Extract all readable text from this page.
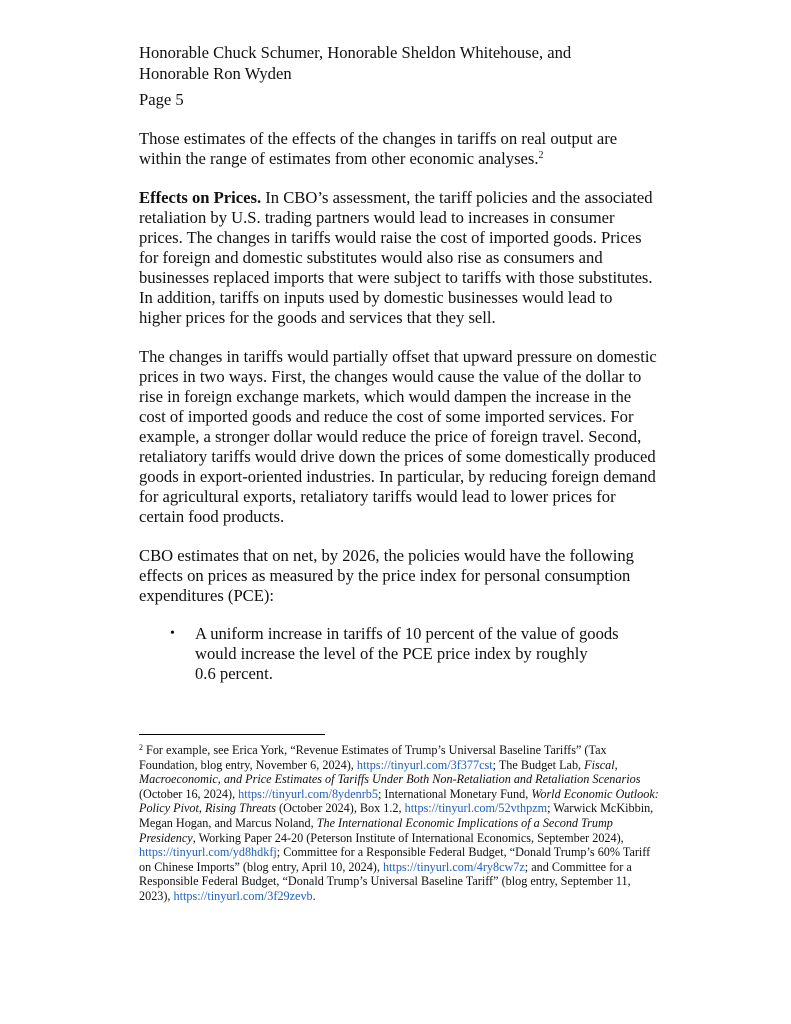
Honorable Chuck Schumer, Honorable Sheldon Whitehouse, and
Honorable Ron Wyden
Page 5

Those estimates of the effects of the changes in tariffs on real output are within the range of estimates from other economic analyses.$^2$

Effects on Prices. In CBO’s assessment, the tariff policies and the associated retaliation by U.S. trading partners would lead to increases in consumer prices. The changes in tariffs would raise the cost of imported goods. Prices for foreign and domestic substitutes would also rise as consumers and businesses replaced imports that were subject to tariffs with those substitutes. In addition, tariffs on inputs used by domestic businesses would lead to higher prices for the goods and services that they sell.

The changes in tariffs would partially offset that upward pressure on domestic prices in two ways. First, the changes would cause the value of the dollar to rise in foreign exchange markets, which would dampen the increase in the cost of imported goods and reduce the cost of some imported services. For example, a stronger dollar would reduce the price of foreign travel. Second, retaliatory tariffs would drive down the prices of some domestically produced goods in export-oriented industries. In particular, by reducing foreign demand for agricultural exports, retaliatory tariffs would lead to lower prices for certain food products.

CBO estimates that on net, by 2026, the policies would have the following effects on prices as measured by the price index for personal consumption expenditures (PCE):

• A uniform increase in tariffs of 10 percent of the value of goods
would increase the level of the PCE price index by roughly
0.6 percent.
$^2$ For example, see Erica York, “Revenue Estimates of Trump’s Universal Baseline Tariffs” (Tax Foundation, blog entry, November 6, 2024), https://tinyurl.com/3f377cst; The Budget Lab, Fiscal, Macroeconomic, and Price Estimates of Tariffs Under Both Non-Retaliation and Retaliation Scenarios (October 16, 2024), https://tinyurl.com/8ydenrb5; International Monetary Fund, World Economic Outlook: Policy Pivot, Rising Threats (October 2024), Box 1.2, https://tinyurl.com/52vthpzm; Warwick McKibbin, Megan Hogan, and Marcus Noland, The International Economic Implications of a Second Trump Presidency, Working Paper 24-20 (Peterson Institute of International Economics, September 2024), https://tinyurl.com/yd8hdkfj; Committee for a Responsible Federal Budget, “Donald Trump’s 60% Tariff on Chinese Imports” (blog entry, April 10, 2024), https://tinyurl.com/4ry8cw7z; and Committee for a Responsible Federal Budget, “Donald Trump’s Universal Baseline Tariff” (blog entry, September 11, 2023), https://tinyurl.com/3f29zevb.
